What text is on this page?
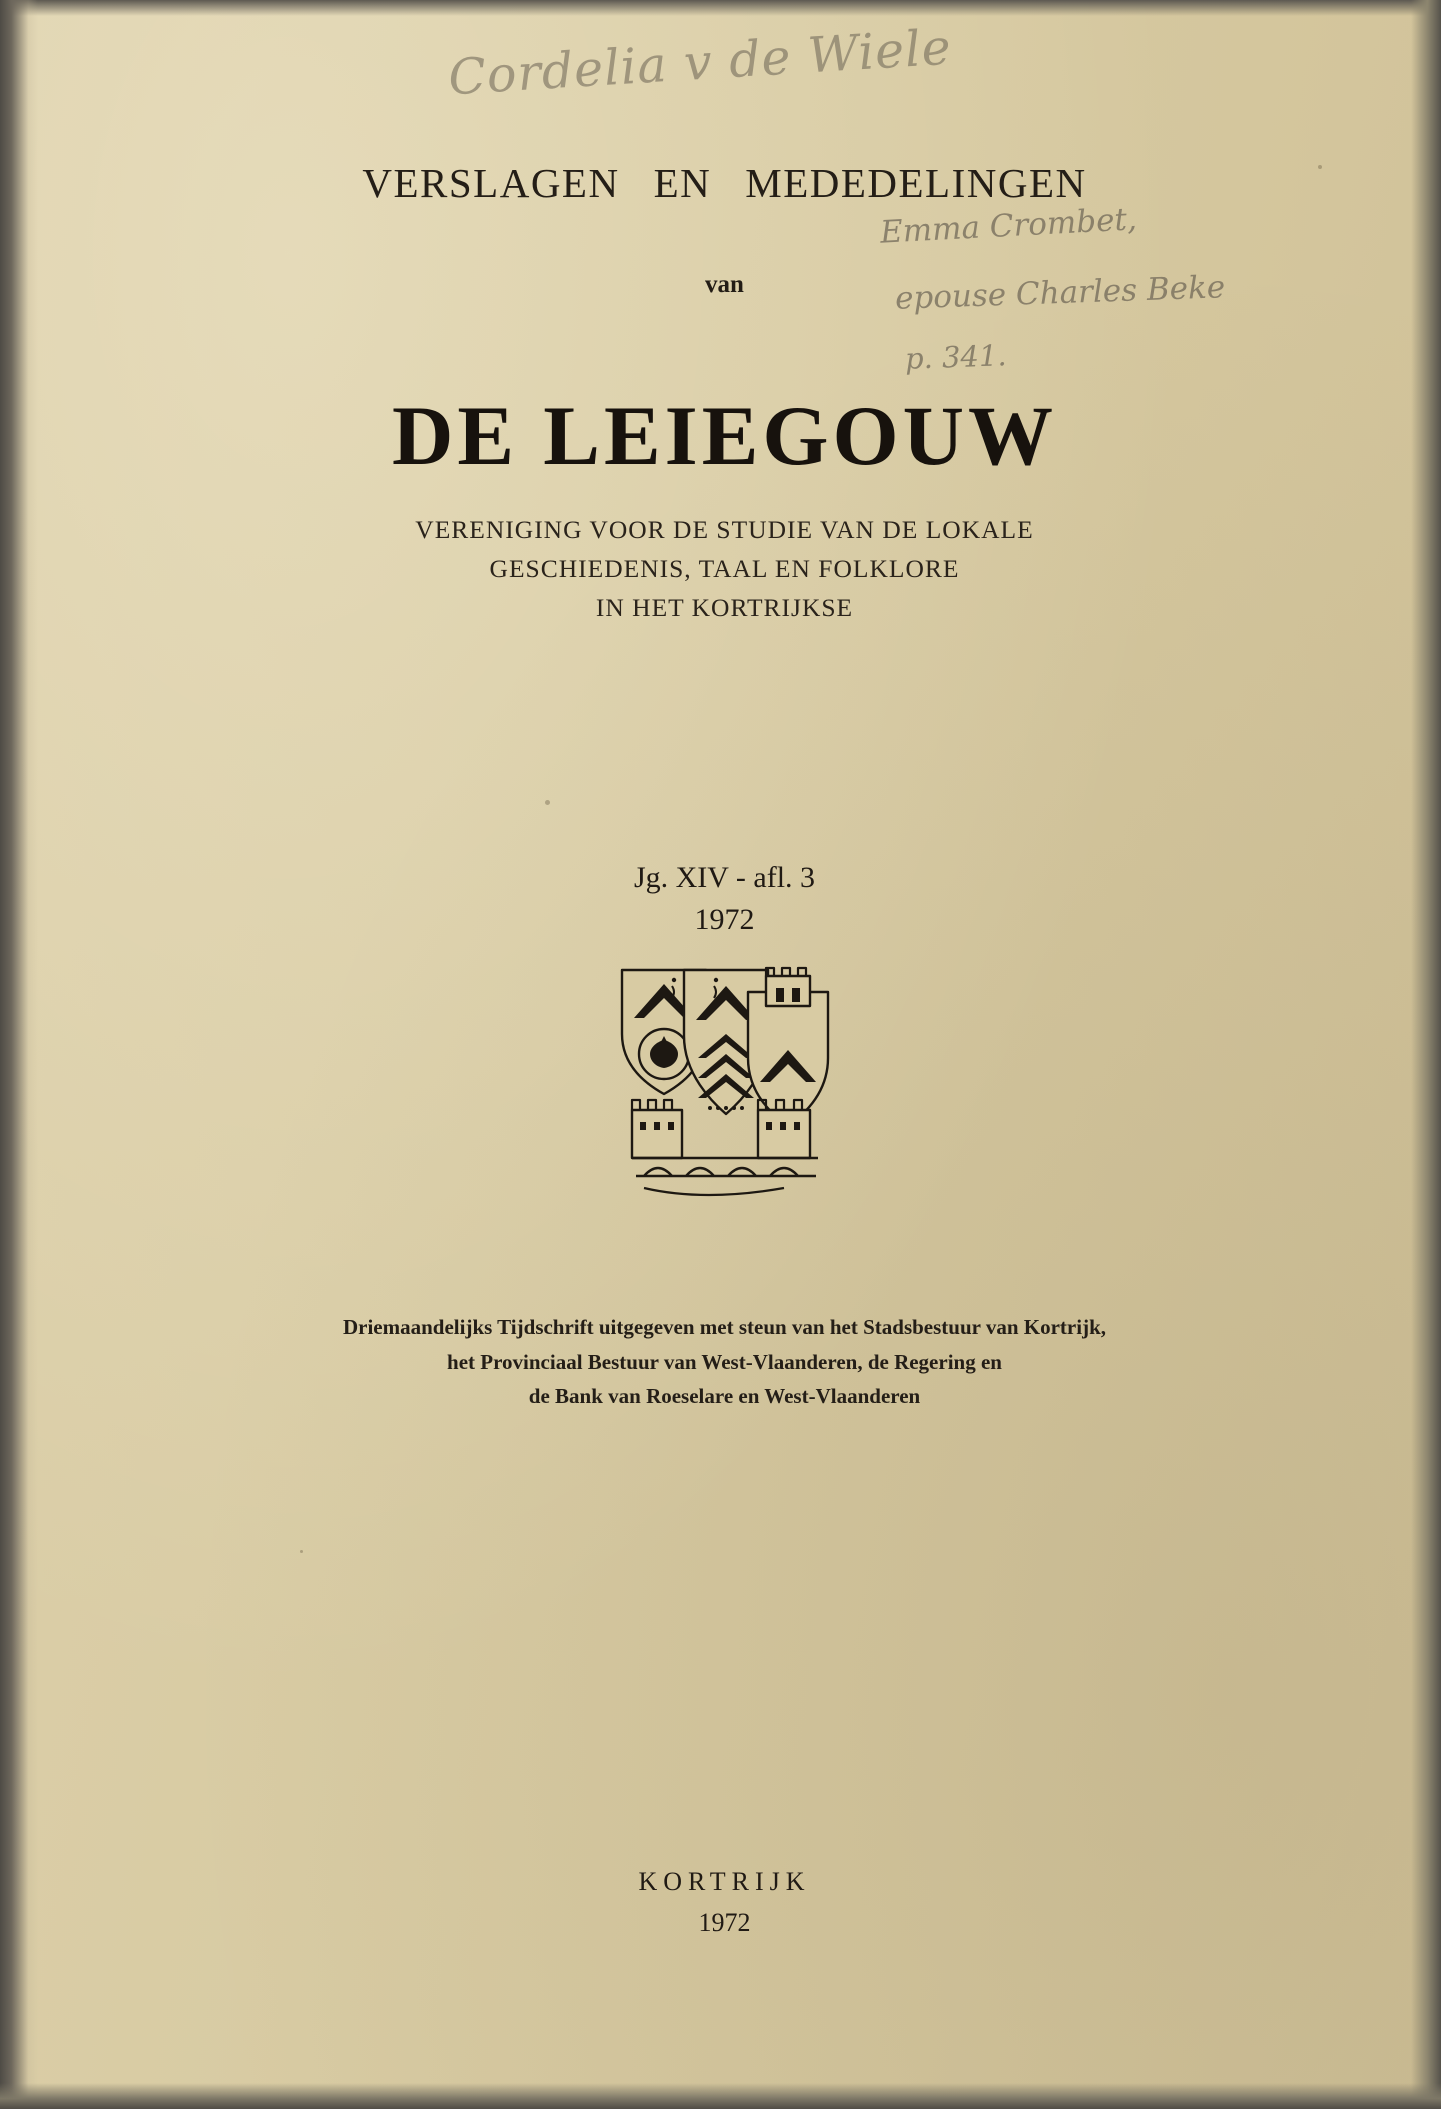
VERSLAGEN EN MEDEDELINGEN
van
DE LEIEGOUW
VERENIGING VOOR DE STUDIE VAN DE LOKALE
GESCHIEDENIS, TAAL EN FOLKLORE
IN HET KORTRIJKSE
Jg. XIV - afl. 3
1972
Driemaandelijks Tijdschrift uitgegeven met steun van het Stadsbestuur van Kortrijk,
het Provinciaal Bestuur van West-Vlaanderen, de Regering en
de Bank van Roeselare en West-Vlaanderen
KORTRIJK
1972
Cordelia v de Wiele
Emma Crombet,
epouse Charles Beke
p. 341.
